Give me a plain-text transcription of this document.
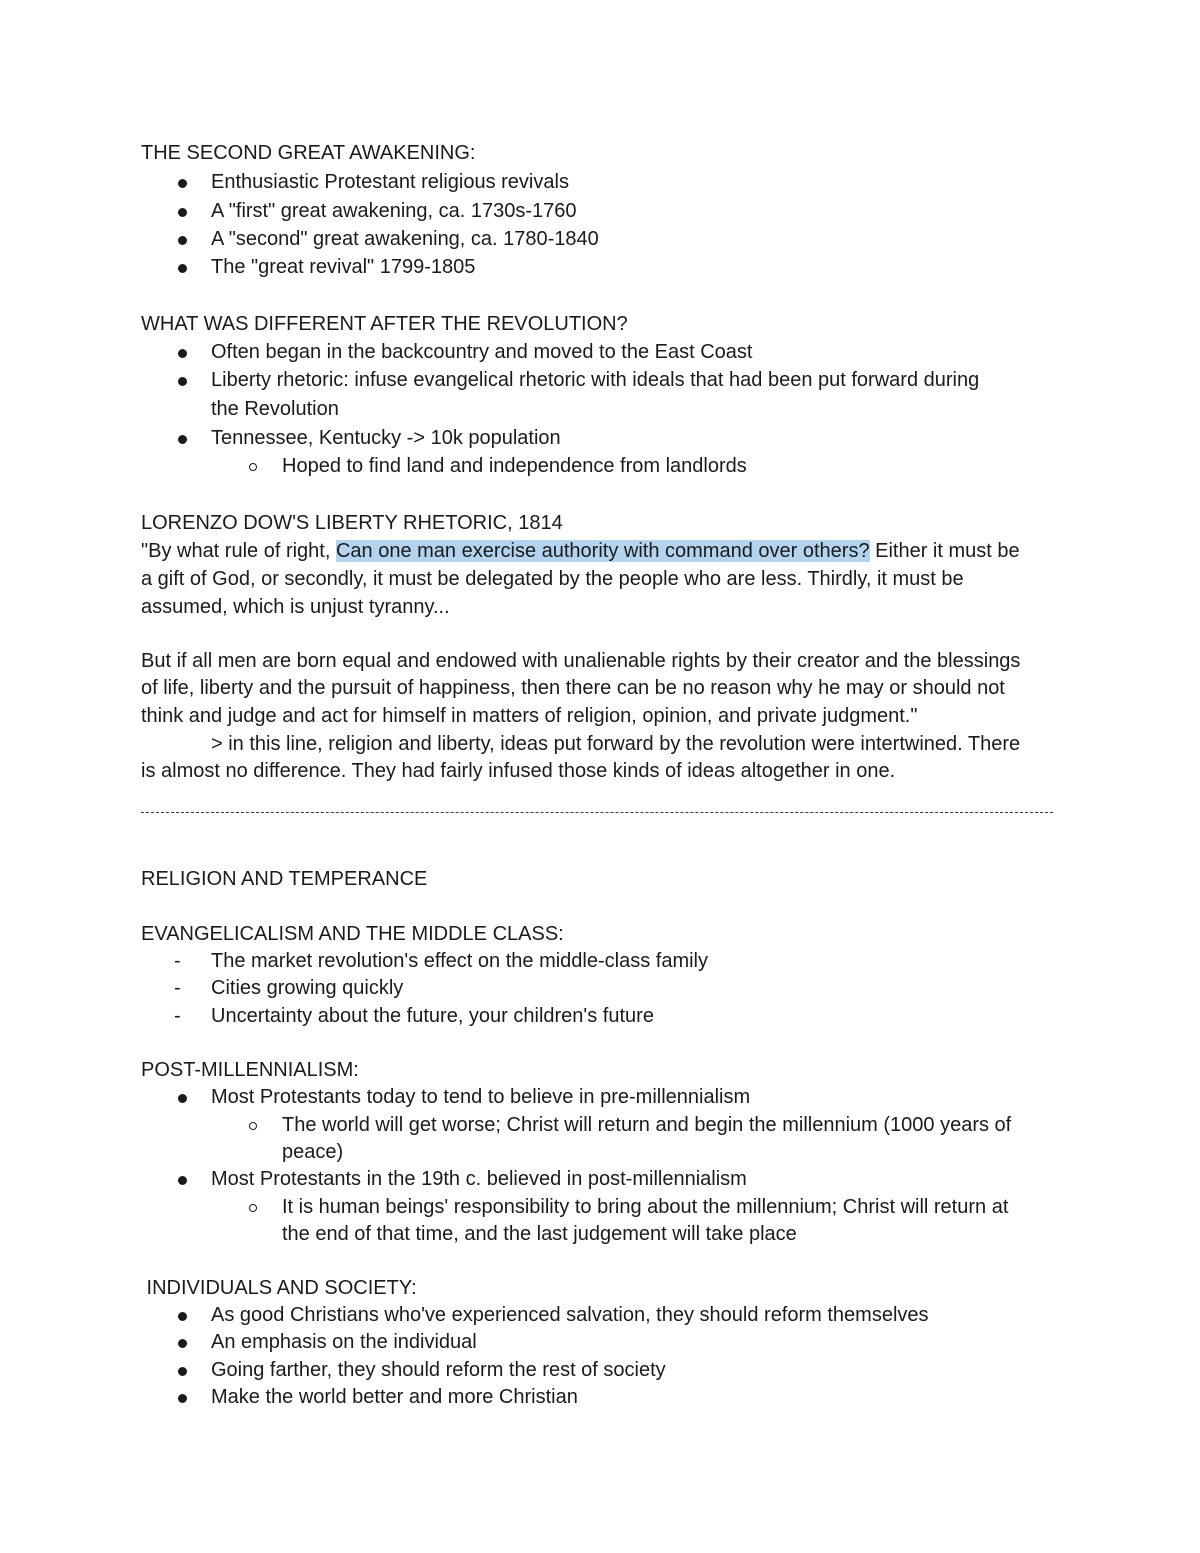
THE SECOND GREAT AWAKENING:

Enthusiastic Protestant religious revivals

A "first" great awakening, ca. 1730s-1760

A "second" great awakening, ca. 1780-1840

The "great revival" 1799-1805

WHAT WAS DIFFERENT AFTER THE REVOLUTION?

Often began in the backcountry and moved to the East Coast

Liberty rhetoric: infuse evangelical rhetoric with ideals that had been put forward during

the Revolution

Tennessee, Kentucky -> 10k population

Hoped to find land and independence from landlords

LORENZO DOW'S LIBERTY RHETORIC, 1814

"By what rule of right, Can one man exercise authority with command over others? Either it must be

a gift of God, or secondly, it must be delegated by the people who are less. Thirdly, it must be

assumed, which is unjust tyranny...

But if all men are born equal and endowed with unalienable rights by their creator and the blessings

of life, liberty and the pursuit of happiness, then there can be no reason why he may or should not

think and judge and act for himself in matters of religion, opinion, and private judgment."

> in this line, religion and liberty, ideas put forward by the revolution were intertwined. There

is almost no difference. They had fairly infused those kinds of ideas altogether in one.

RELIGION AND TEMPERANCE

EVANGELICALISM AND THE MIDDLE CLASS:

- The market revolution's effect on the middle-class family

- Cities growing quickly

- Uncertainty about the future, your children's future

POST-MILLENNIALISM:

Most Protestants today to tend to believe in pre-millennialism

The world will get worse; Christ will return and begin the millennium (1000 years of

peace)

Most Protestants in the 19th c. believed in post-millennialism

It is human beings' responsibility to bring about the millennium; Christ will return at

the end of that time, and the last judgement will take place

INDIVIDUALS AND SOCIETY:

As good Christians who've experienced salvation, they should reform themselves

An emphasis on the individual

Going farther, they should reform the rest of society

Make the world better and more Christian
